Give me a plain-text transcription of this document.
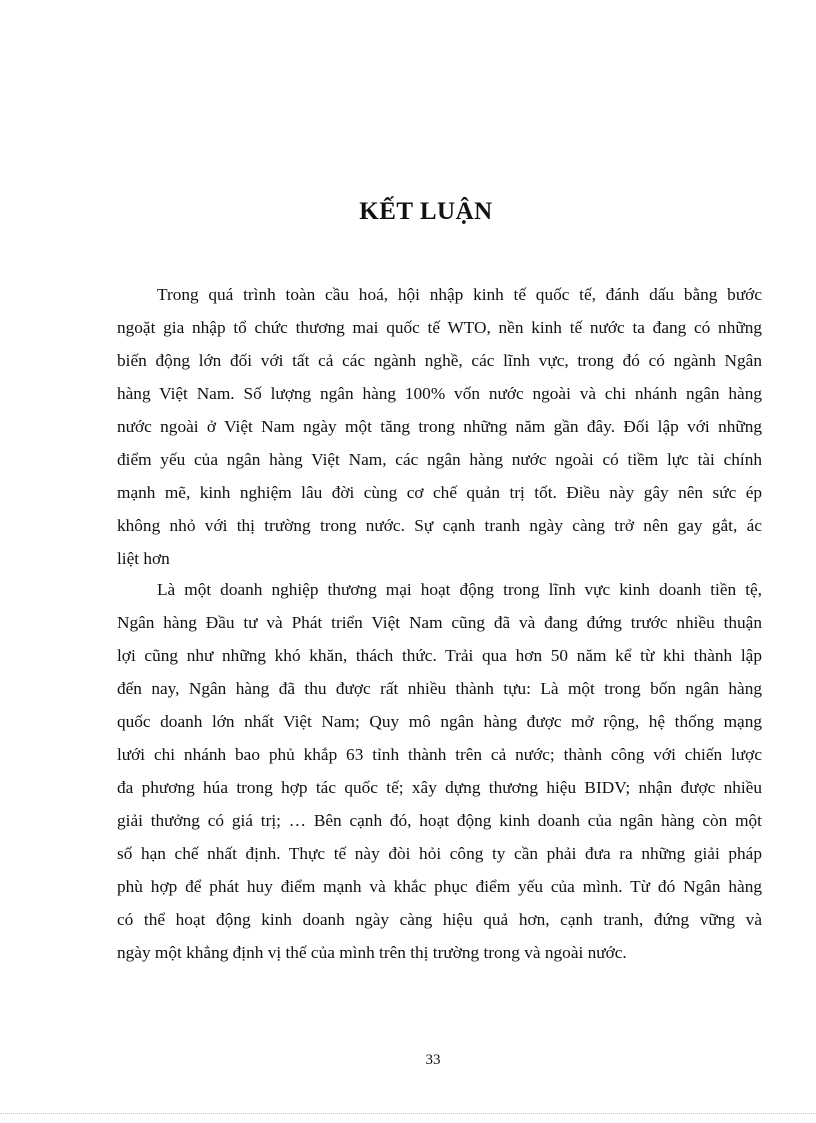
KẾT LUẬN
Trong quá trình toàn cầu hoá, hội nhập kinh tế quốc tế, đánh dấu bằng bước
ngoặt gia nhập tổ chức thương mai quốc tế WTO, nền kinh tế nước ta đang có những
biến động lớn đối với tất cả các ngành nghề, các lĩnh vực, trong đó có ngành Ngân
hàng Việt Nam. Số lượng ngân hàng 100% vốn nước ngoài và chi nhánh ngân hàng
nước ngoài ở Việt Nam ngày một tăng trong những năm gần đây. Đối lập với những
điểm yếu của ngân hàng Việt Nam, các ngân hàng nước ngoài có tiềm lực tài chính
mạnh mẽ, kinh nghiệm lâu đời cùng cơ chế quản trị tốt. Điều này gây nên sức ép
không nhỏ với thị trường trong nước. Sự cạnh tranh ngày càng trở nên gay gắt, ác
liệt hơn
Là một doanh nghiệp thương mại hoạt động trong lĩnh vực kinh doanh tiền tệ,
Ngân hàng Đầu tư và Phát triển Việt Nam cũng đã và đang đứng trước nhiều thuận
lợi cũng như những khó khăn, thách thức. Trải qua hơn 50 năm kể từ khi thành lập
đến nay, Ngân hàng đã thu được rất nhiều thành tựu: Là một trong bốn ngân hàng
quốc doanh lớn nhất Việt Nam; Quy mô ngân hàng được mở rộng, hệ thống mạng
lưới chi nhánh bao phủ khắp 63 tỉnh thành trên cả nước; thành công với chiến lược
đa phương húa trong hợp tác quốc tế; xây dựng thương hiệu BIDV; nhận được nhiều
giải thưởng có giá trị; … Bên cạnh đó, hoạt động kinh doanh của ngân hàng còn một
số hạn chế nhất định. Thực tế này đòi hỏi công ty cần phải đưa ra những giải pháp
phù hợp để phát huy điểm mạnh và khắc phục điểm yếu của mình. Từ đó Ngân hàng
có thể hoạt động kinh doanh ngày càng hiệu quả hơn, cạnh tranh, đứng vững và
ngày một khẳng định vị thế của mình trên thị trường trong và ngoài nước.

33
